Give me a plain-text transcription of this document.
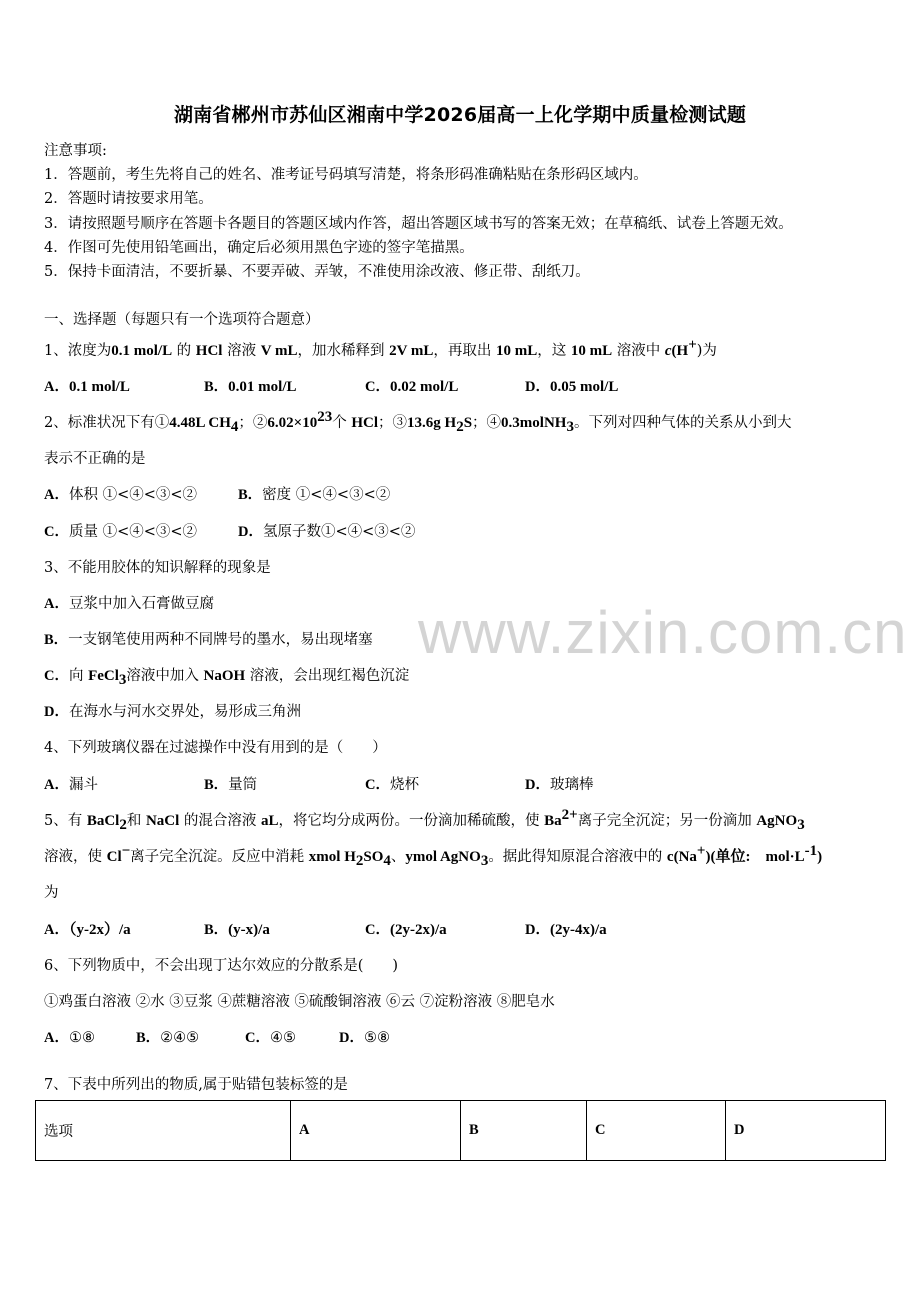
湖南省郴州市苏仙区湘南中学2026届高一上化学期中质量检测试题
注意事项:
1．答题前，考生先将自己的姓名、准考证号码填写清楚，将条形码准确粘贴在条形码区域内。
2．答题时请按要求用笔。
3．请按照题号顺序在答题卡各题目的答题区域内作答，超出答题区域书写的答案无效；在草稿纸、试卷上答题无效。
4．作图可先使用铅笔画出，确定后必须用黑色字迹的签字笔描黑。
5．保持卡面清洁，不要折暴、不要弄破、弄皱，不准使用涂改液、修正带、刮纸刀。
一、选择题（每题只有一个选项符合题意）
1、浓度为0.1 mol/L 的 HCl 溶液 V mL，加水稀释到 2V mL，再取出 10 mL，这 10 mL 溶液中 c(H+)为
A．0.1 mol/L	B．0.01 mol/L	C．0.02 mol/L	D．0.05 mol/L
2、标准状况下有①4.48L $CH_4$；$②6.02\times 10^{23}$个 HCl；③13.6g $H_2S$；④0.3molNH$_3$。下列对四种气体的关系从小到大
表示不正确的是
A．体积 ①<④<③<②	B．密度 ①<④<③<②
C．质量 ①<④<③<②	D．氢原子数①<④<③<②
3、不能用胶体的知识解释的现象是
A．豆浆中加入石膏做豆腐
B．一支钢笔使用两种不同牌号的墨水，易出现堵塞
C．向 FeCl$_3$溶液中加入 NaOH 溶液，会出现红褐色沉淀
D．在海水与河水交界处，易形成三角洲
www.zixin.com.cn
4、下列玻璃仪器在过滤操作中没有用到的是（　　）
A．漏斗	B．量筒	C．烧杯	D．玻璃棒
5、有 BaCl$_2$和 NaCl 的混合溶液 aL，将它均分成两份。一份滴加稀硫酸，使 $Ba^{2+}$离子完全沉淀；另一份滴加 AgNO$_3$
溶液，使 Cl−离子完全沉淀。反应中消耗 xmol $H_2SO_4$、ymol AgNO$_3$。据此得知原混合溶液中的 c(Na+)(单位:　$mol\cdot L^{-1}$)
为
A．（y-2x）/a	B．(y-x)/a	C．(2y-2x)/a	D．(2y-4x)/a
6、下列物质中，不会出现丁达尔效应的分散系是(　　)
①鸡蛋白溶液 ②水 ③豆浆 ④蔗糖溶液 ⑤硫酸铜溶液 ⑥云 ⑦淀粉溶液 ⑧肥皂水
A．①⑧	B．②④⑤	C．④⑤	D．⑤⑧
7、下表中所列出的物质,属于贴错包装标签的是
选项	A	B	C	D
